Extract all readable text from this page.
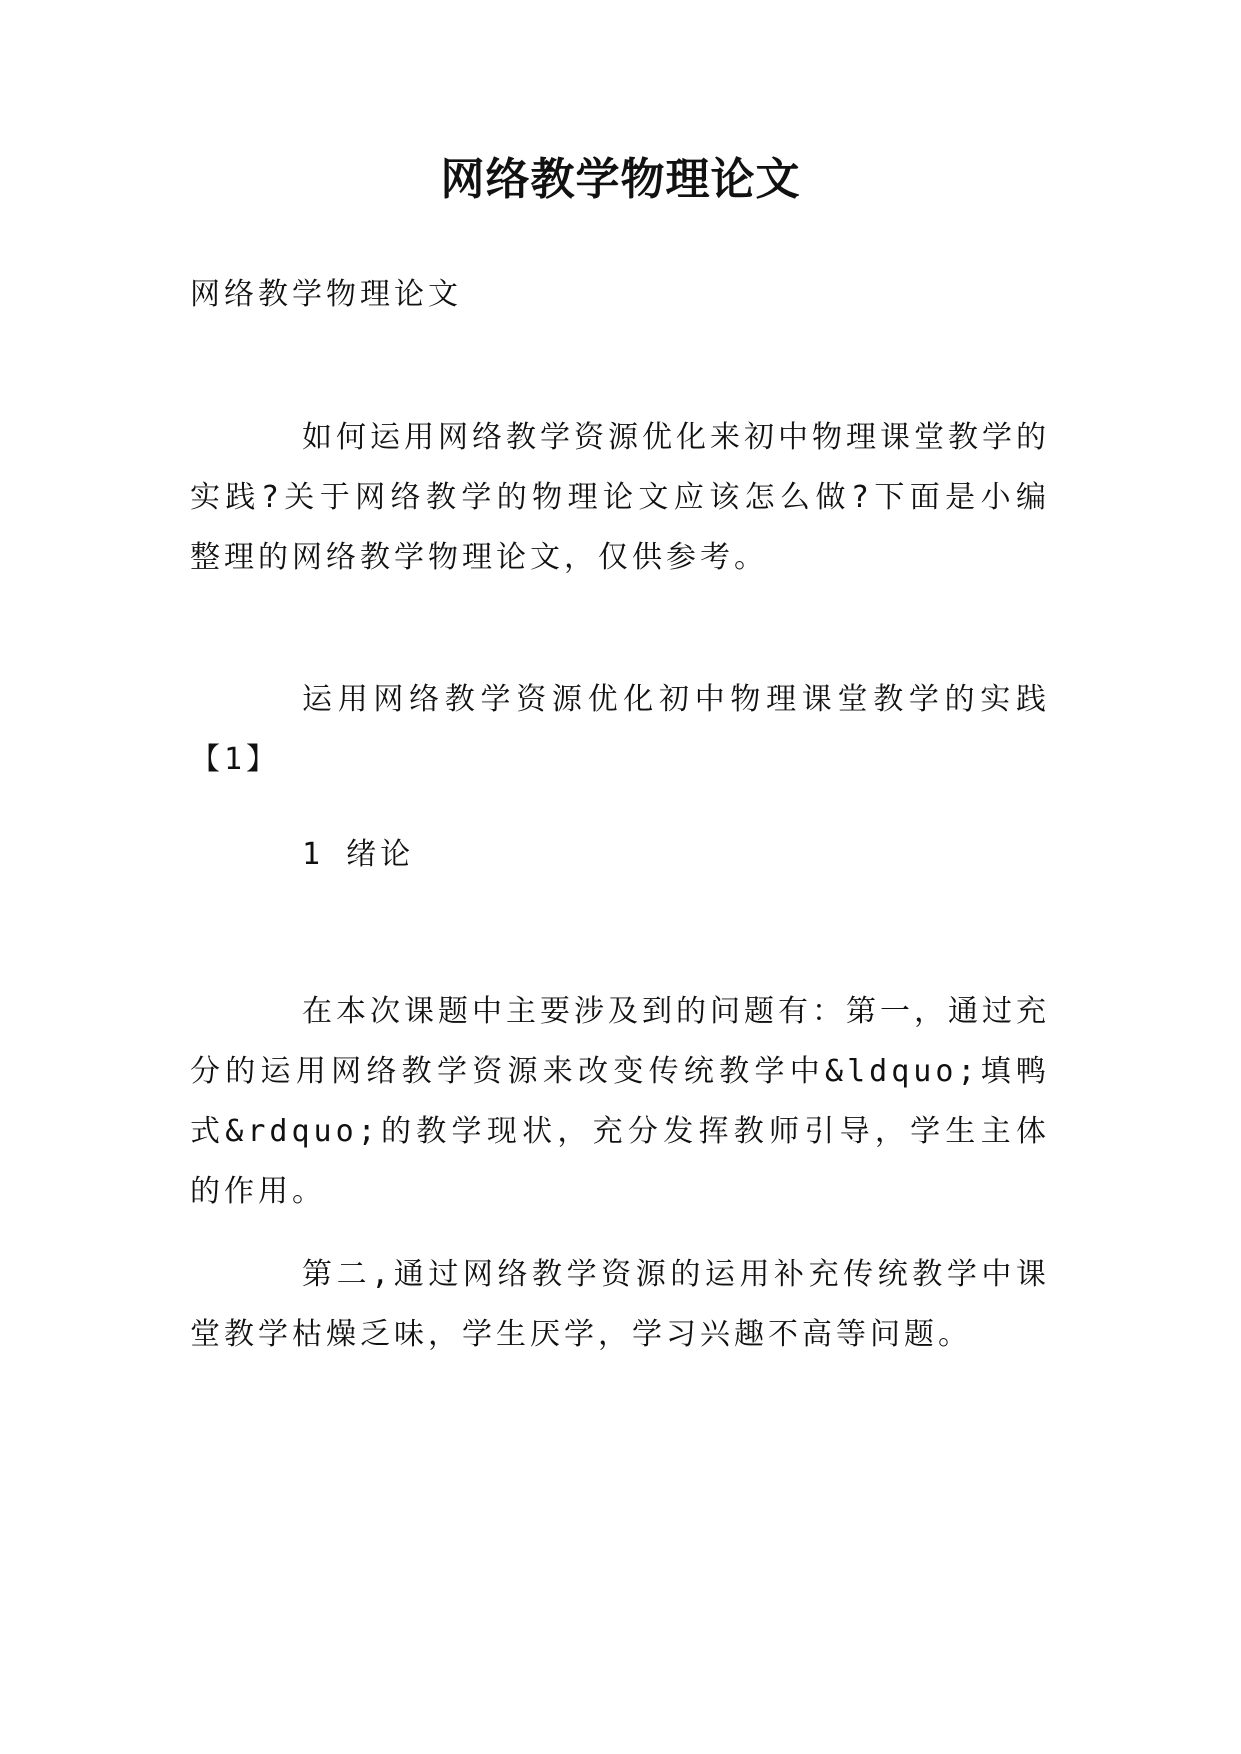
网络教学物理论文

网络教学物理论文

如何运用网络教学资源优化来初中物理课堂教学的实践?关于网络教学的物理论文应该怎么做?下面是小编整理的网络教学物理论文，仅供参考。

运用网络教学资源优化初中物理课堂教学的实践【1】

1 绪论

在本次课题中主要涉及到的问题有：第一，通过充分的运用网络教学资源来改变传统教学中&ldquo;填鸭式&rdquo;的教学现状，充分发挥教师引导，学生主体的作用。

第二,通过网络教学资源的运用补充传统教学中课堂教学枯燥乏味，学生厌学，学习兴趣不高等问题。
